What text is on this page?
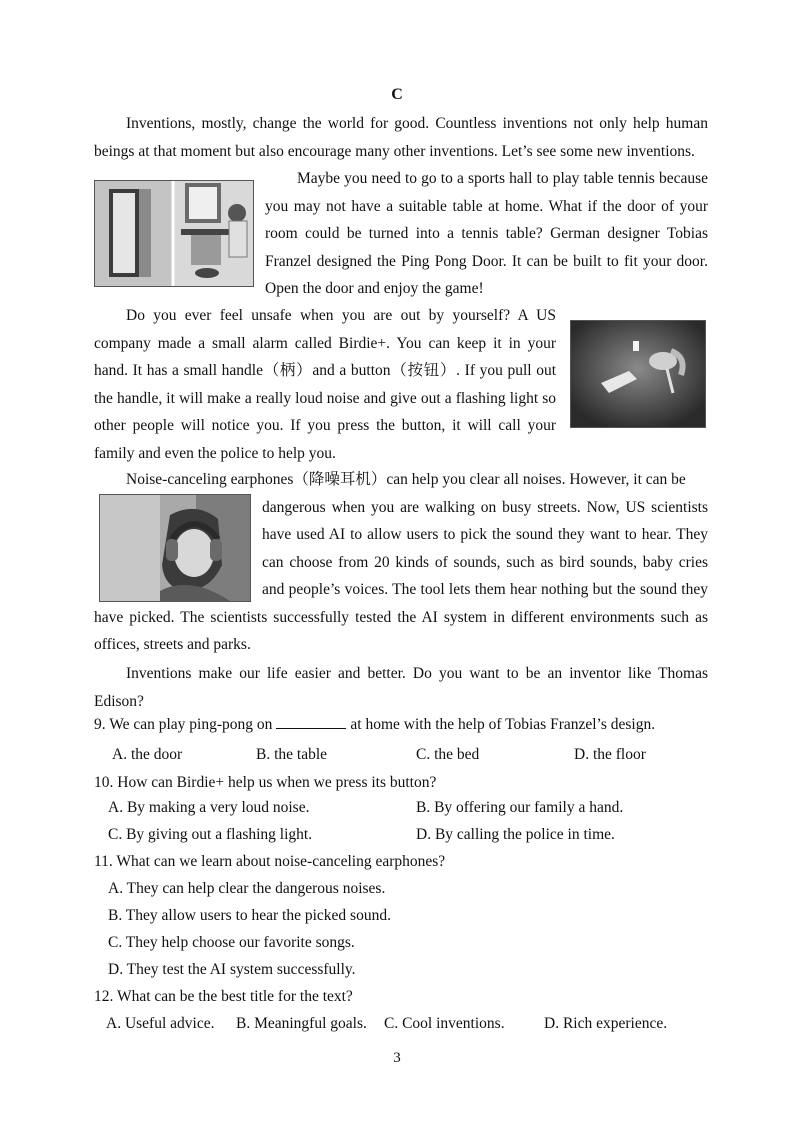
C
Inventions, mostly, change the world for good. Countless inventions not only help human beings at that moment but also encourage many other inventions. Let’s see some new inventions.
Maybe you need to go to a sports hall to play table tennis because you may not have a suitable table at home. What if the door of your room could be turned into a tennis table? German designer Tobias Franzel designed the Ping Pong Door. It can be built to fit your door. Open the door and enjoy the game!
Do you ever feel unsafe when you are out by yourself? A US company made a small alarm called Birdie+. You can keep it in your hand. It has a small handle（柄）and a button（按钮）. If you pull out the handle, it will make a really loud noise and give out a flashing light so other people will notice you. If you press the button, it will call your family and even the police to help you.
Noise-canceling earphones（降噪耳机）can help you clear all noises. However, it can be

dangerous when you are walking on busy streets. Now, US scientists have used AI to allow users to pick the sound they want to hear. They can choose from 20 kinds of sounds, such as bird sounds, baby cries and people’s voices. The tool lets them hear nothing but the sound they have picked. The scientists successfully tested the AI system in different environments such as offices, streets and parks.
Inventions make our life easier and better. Do you want to be an inventor like Thomas Edison?
9. We can play ping-pong on	at home with the help of Tobias Franzel’s design.
A. the door	B. the table	C. the bed	D. the floor
10. How can Birdie+ help us when we press its button?
A. By making a very loud noise.	B. By offering our family a hand.
C. By giving out a flashing light.	D. By calling the police in time.
11. What can we learn about noise-canceling earphones?
A. They can help clear the dangerous noises.
B. They allow users to hear the picked sound.
C. They help choose our favorite songs.
D. They test the AI system successfully.
12. What can be the best title for the text?
A. Useful advice. B. Meaningful goals. C. Cool inventions.	D. Rich experience.
3
